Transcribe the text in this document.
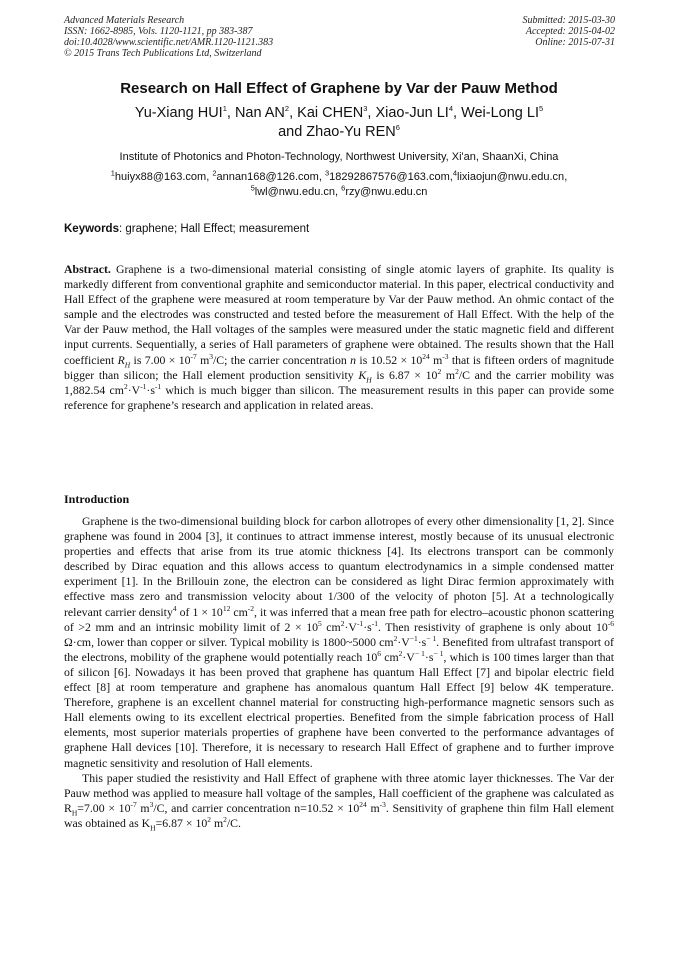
Advanced Materials Research
ISSN: 1662-8985, Vols. 1120-1121, pp 383-387
doi:10.4028/www.scientific.net/AMR.1120-1121.383
© 2015 Trans Tech Publications Ltd, Switzerland
Submitted: 2015-03-30
Accepted: 2015-04-02
Online: 2015-07-31
Research on Hall Effect of Graphene by Var der Pauw Method
Yu-Xiang HUI$^1$, Nan $AN^2$, Kai CHEN$^3$, Xiao-Jun $LI^4$, Wei-Long $LI^5$
and Zhao-Yu REN$^6$
Institute of Photonics and Photon-Technology, Northwest University, Xi'an, ShaanXi, China
$^1$huiyx88@163.com, $^2$annan168@126.com, $^3$18292867576@163.com,$^4$lixiaojun@nwu.edu.cn,
$^5$lwl@nwu.edu.cn, $^6$rzy@nwu.edu.cn
Keywords: graphene; Hall Effect; measurement
Abstract. Graphene is a two-dimensional material consisting of single atomic layers of graphite. Its quality is markedly different from conventional graphite and semiconductor material. In this paper, electrical conductivity and Hall Effect of the graphene were measured at room temperature by Var der Pauw method. An ohmic contact of the sample and the electrodes was constructed and tested before the measurement of Hall Effect. With the help of the Var der Pauw method, the Hall voltages of the samples were measured under the static magnetic field and different input currents. Sequentially, a series of Hall parameters of graphene were obtained. The results shown that the Hall coefficient $R_H$ is $7.00 \times 10^{-7}$ $m^3/C$; the carrier concentration n is $10.52 \times 10^{24}$ $m^{-3}$ that is fifteen orders of magnitude bigger than silicon; the Hall element production sensitivity $K_H$ is $6.87 \times 10^2$ $m^2/C$ and the carrier mobility was 1,882.54 $cm^2\cdot V^{-1}\cdot s^{-1}$ which is much bigger than silicon. The measurement results in this paper can provide some reference for graphene’s research and application in related areas.
Introduction

Graphene is the two-dimensional building block for carbon allotropes of every other dimensionality [1, 2]. Since graphene was found in 2004 [3], it continues to attract immense interest, mostly because of its unusual electronic properties and effects that arise from its true atomic thickness [4]. Its electrons transport can be commonly described by Dirac equation and this allows access to quantum electrodynamics in a simple condensed matter experiment [1]. In the Brillouin zone, the electron can be considered as light Dirac fermion approximately with effective mass zero and transmission velocity about 1/300 of the velocity of photon [5]. At a technologically relevant carrier density$^4$ of $1 \times 10^{12}$ $cm^{-2}$, it was inferred that a mean free path for electro–acoustic phonon scattering of >2 mm and an intrinsic mobility limit of $2 \times 10^5$ $cm^2\cdot V^{-1}\cdot s^{-1}$. Then resistivity of graphene is only about $10^{-6}$ Ω·cm, lower than copper or silver. Typical mobility is 1800~5000 $cm^2\cdot V^{-1}\cdot s^{- 1}$. Benefited from ultrafast transport of the electrons, mobility of the graphene would potentially reach $10^6$ $cm^2\cdot V^{- 1}\cdot s^{- 1}$, which is 100 times larger than that of silicon [6]. Nowadays it has been proved that graphene has quantum Hall Effect [7] and bipolar electric field effect [8] at room temperature and graphene has anomalous quantum Hall Effect [9] below 4K temperature. Therefore, graphene is an excellent channel material for constructing high-performance magnetic sensors such as Hall elements owing to its excellent electrical properties. Benefited from the simple fabrication process of Hall elements, most superior materials properties of graphene have been converted to the performance advantages of graphene Hall devices [10]. Therefore, it is necessary to research Hall Effect of graphene and to further improve magnetic sensitivity and resolution of Hall elements.

This paper studied the resistivity and Hall Effect of graphene with three atomic layer thicknesses. The Var der Pauw method was applied to measure hall voltage of the samples, Hall coefficient of the graphene was calculated as $R_H=7.00 \times 10^{-7}$ $m^3/C$, and carrier concentration $n=10.52 \times 10^{24}$ $m^{-3}$. Sensitivity of graphene thin film Hall element was obtained as $K_H=6.87 \times 10^2$ $m^2/C$.
